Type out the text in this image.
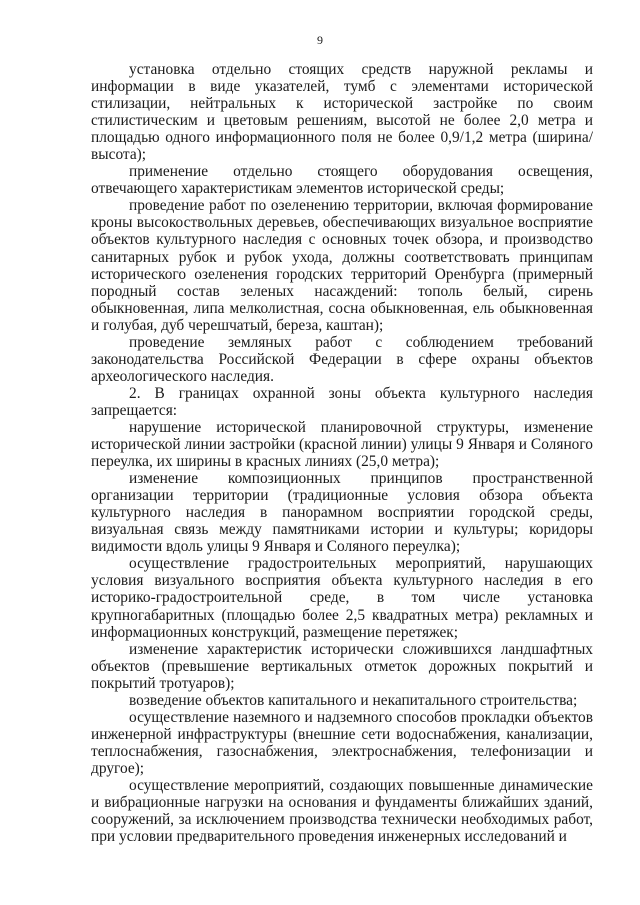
9

установка отдельно стоящих средств наружной рекламы и информации в виде указателей, тумб с элементами исторической стилизации, нейтральных к исторической застройке по своим стилистическим и цветовым решениям, высотой не более 2,0 метра и площадью одного информационного поля не более 0,9/1,2 метра (ширина/высота);

применение отдельно стоящего оборудования освещения, отвечающего характеристикам элементов исторической среды;

проведение работ по озеленению территории, включая формирование кроны высокоствольных деревьев, обеспечивающих визуальное восприятие объектов культурного наследия с основных точек обзора, и производство санитарных рубок и рубок ухода, должны соответствовать принципам исторического озеленения городских территорий Оренбурга (примерный породный состав зеленых насаждений: тополь белый, сирень обыкновенная, липа мелколистная, сосна обыкновенная, ель обыкновенная и голубая, дуб черешчатый, береза, каштан);

проведение земляных работ с соблюдением требований законодательства Российской Федерации в сфере охраны объектов археологического наследия.

2. В границах охранной зоны объекта культурного наследия запрещается:

нарушение исторической планировочной структуры, изменение исторической линии застройки (красной линии) улицы 9 Января и Соляного переулка, их ширины в красных линиях (25,0 метра);

изменение композиционных принципов пространственной организации территории (традиционные условия обзора объекта культурного наследия в панорамном восприятии городской среды, визуальная связь между памятниками истории и культуры; коридоры видимости вдоль улицы 9 Января и Соляного переулка);

осуществление градостроительных мероприятий, нарушающих условия визуального восприятия объекта культурного наследия в его историко-градостроительной среде, в том числе установка крупногабаритных (площадью более 2,5 квадратных метра) рекламных и информационных конструкций, размещение перетяжек;

изменение характеристик исторически сложившихся ландшафтных объектов (превышение вертикальных отметок дорожных покрытий и покрытий тротуаров);

возведение объектов капитального и некапитального строительства;

осуществление наземного и надземного способов прокладки объектов инженерной инфраструктуры (внешние сети водоснабжения, канализации, теплоснабжения, газоснабжения, электроснабжения, телефонизации и другое);

осуществление мероприятий, создающих повышенные динамические и вибрационные нагрузки на основания и фундаменты ближайших зданий, сооружений, за исключением производства технически необходимых работ, при условии предварительного проведения инженерных исследований и
